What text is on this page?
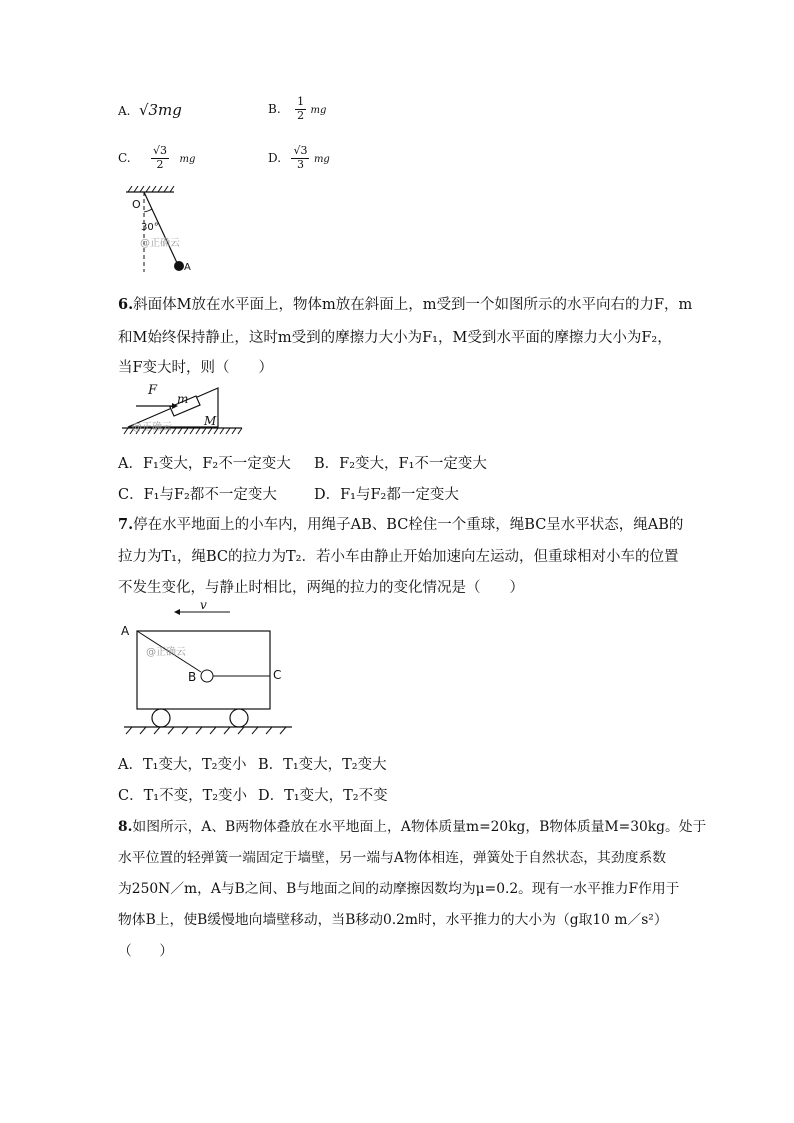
A. √3mg	B. $\frac{1}{2}$ mg
C. $\frac{√3}{2}$ mg	D. $\frac{√3}{3}$ mg
O
30°
@正确云
A
6.斜面体M放在水平面上，物体m放在斜面上，m受到一个如图所示的水平向右的力F，m
和M始终保持静止，这时m受到的摩擦力大小为F₁，M受到水平面的摩擦力大小为F₂，
当F变大时，则（　　）
F
m
M
@正确云
A．F₁变大，F₂不一定变大 B．F₂变大，F₁不一定变大
C．F₁与F₂都不一定变大	D．F₁与F₂都一定变大
7.停在水平地面上的小车内，用绳子AB、BC栓住一个重球，绳BC呈水平状态，绳AB的
拉力为T₁，绳BC的拉力为T₂．若小车由静止开始加速向左运动，但重球相对小车的位置
不发生变化，与静止时相比，两绳的拉力的变化情况是（　　）
v
A
B	C
@正确云
A．T₁变大，T₂变小 B．T₁变大，T₂变大
C．T₁不变，T₂变小 D．T₁变大，T₂不变
8.如图所示，A、B两物体叠放在水平地面上，A物体质量m=20kg，B物体质量M=30kg。处于
水平位置的轻弹簧一端固定于墙壁，另一端与A物体相连，弹簧处于自然状态，其劲度系数
为250N／m，A与B之间、B与地面之间的动摩擦因数均为μ=0.2。现有一水平推力F作用于
物体B上，使B缓慢地向墙壁移动，当B移动0.2m时，水平推力的大小为（g取10 m／s²）
（　　）
